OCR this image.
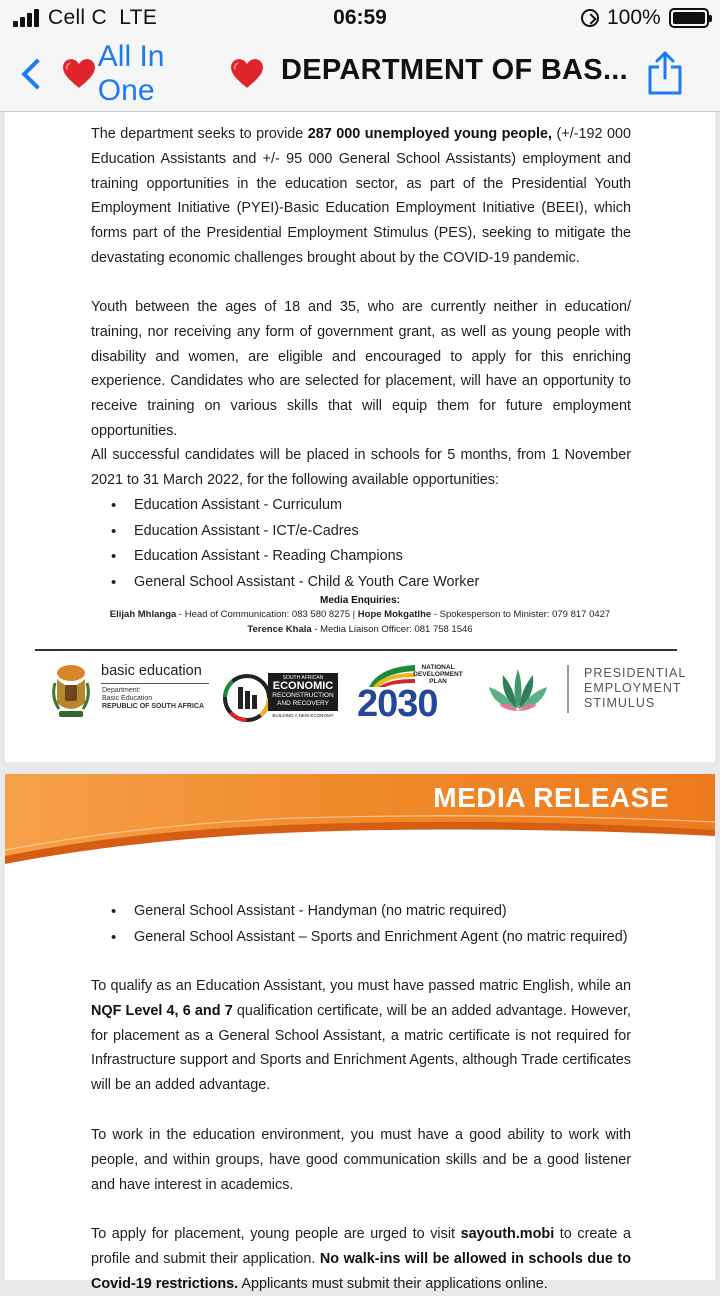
Cell C LTE	06:59	100%
All In One
DEPARTMENT OF BAS...

The department seeks to provide 287 000 unemployed young people, (+/-192 000 Education Assistants and +/- 95 000 General School Assistants) employment and training opportunities in the education sector, as part of the Presidential Youth Employment Initiative (PYEI)-Basic Education Employment Initiative (BEEI), which forms part of the Presidential Employment Stimulus (PES), seeking to mitigate the devastating economic challenges brought about by the COVID-19 pandemic.

Youth between the ages of 18 and 35, who are currently neither in education/ training, nor receiving any form of government grant, as well as young people with disability and women, are eligible and encouraged to apply for this enriching experience. Candidates who are selected for placement, will have an opportunity to receive training on various skills that will equip them for future employment opportunities.

All successful candidates will be placed in schools for 5 months, from 1 November 2021 to 31 March 2022, for the following available opportunities:

• Education Assistant - Curriculum
• Education Assistant - ICT/e-Cadres
• Education Assistant - Reading Champions
• General School Assistant - Child & Youth Care Worker
Media Enquiries:
Elijah Mhlanga - Head of Communication: 083 580 8275 | Hope Mokgatlhe - Spokesperson to Minister: 079 817 0427
Terence Khala - Media Liaison Officer: 081 758 1546
basic education
Department:
Basic Education
REPUBLIC OF SOUTH AFRICA
SOUTH AFRICAN
ECONOMIC
RECONSTRUCTION
AND RECOVERY
BUILDING A NEW ECONOMY
NATIONAL
DEVELOPMENT
PLAN
2030
PRESIDENTIAL
EMPLOYMENT
STIMULUS
MEDIA RELEASE
• General School Assistant - Handyman (no matric required)
• General School Assistant – Sports and Enrichment Agent (no matric required)

To qualify as an Education Assistant, you must have passed matric English, while an NQF Level 4, 6 and 7 qualification certificate, will be an added advantage. However, for placement as a General School Assistant, a matric certificate is not required for Infrastructure support and Sports and Enrichment Agents, although Trade certificates will be an added advantage.

To work in the education environment, you must have a good ability to work with people, and within groups, have good communication skills and be a good listener and have interest in academics.

To apply for placement, young people are urged to visit sayouth.mobi to create a profile and submit their application. No walk-ins will be allowed in schools due to Covid-19 restrictions. Applicants must submit their applications online.
